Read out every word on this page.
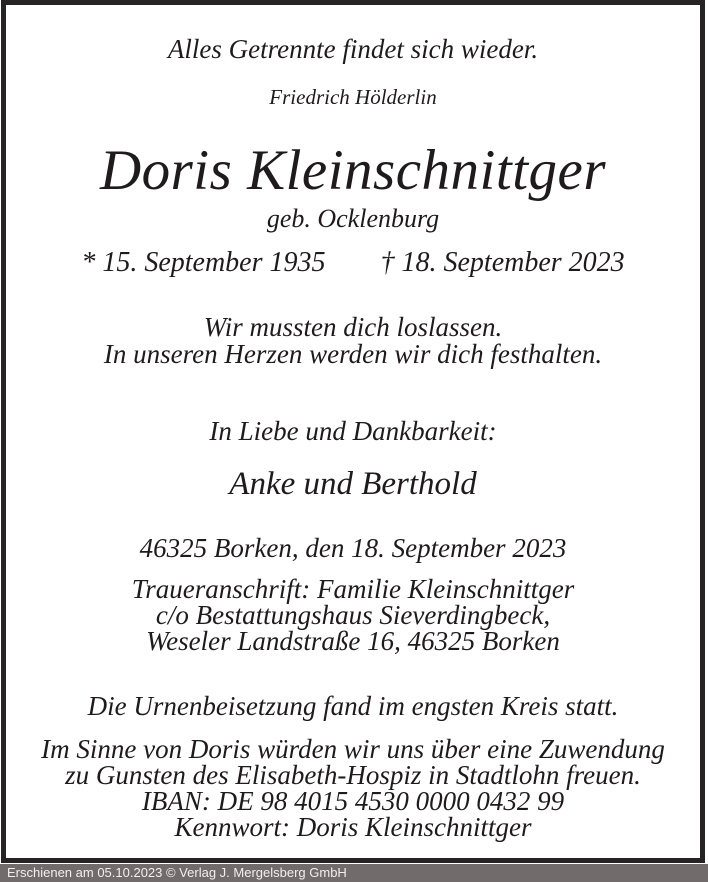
Alles Getrennte findet sich wieder.
Friedrich Hölderlin
Doris Kleinschnittger
geb. Ocklenburg
* 15. September 1935 † 18. September 2023
Wir mussten dich loslassen.
In unseren Herzen werden wir dich festhalten.
In Liebe und Dankbarkeit:
Anke und Berthold
46325 Borken, den 18. September 2023
Traueranschrift: Familie Kleinschnittger
c/o Bestattungshaus Sieverdingbeck,
Weseler Landstraße 16, 46325 Borken
Die Urnenbeisetzung fand im engsten Kreis statt.
Im Sinne von Doris würden wir uns über eine Zuwendung
zu Gunsten des Elisabeth-Hospiz in Stadtlohn freuen.
IBAN: DE 98 4015 4530 0000 0432 99
Kennwort: Doris Kleinschnittger
Erschienen am 05.10.2023 © Verlag J. Mergelsberg GmbH
